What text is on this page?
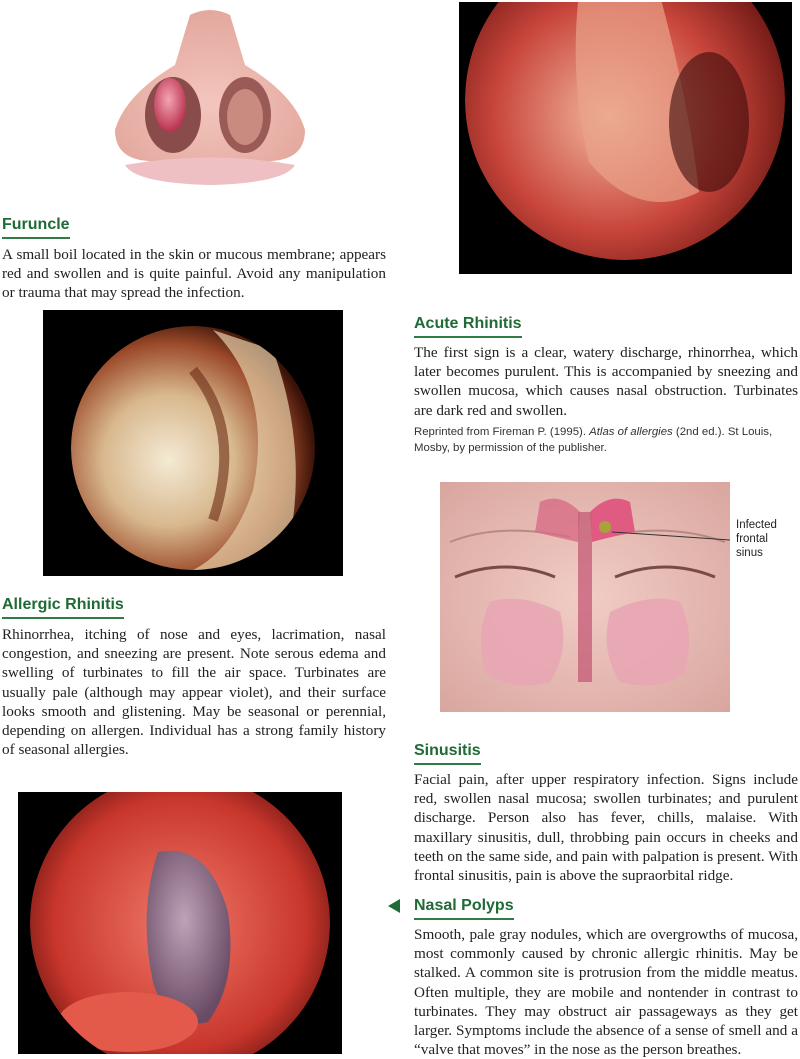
Furuncle
A small boil located in the skin or mucous membrane; appears red and swollen and is quite painful. Avoid any manipulation or trauma that may spread the infection.
Acute Rhinitis
The first sign is a clear, watery discharge, rhinorrhea, which later becomes purulent. This is accompanied by sneezing and swollen mucosa, which causes nasal obstruction. Turbinates are dark red and swollen.
Reprinted from Fireman P. (1995). Atlas of allergies (2nd ed.). St Louis, Mosby, by permission of the publisher.
Infected frontal sinus
Allergic Rhinitis
Rhinorrhea, itching of nose and eyes, lacrimation, nasal congestion, and sneezing are present. Note serous edema and swelling of turbinates to fill the air space. Turbinates are usually pale (although may appear violet), and their surface looks smooth and glistening. May be seasonal or perennial, depending on allergen. Individual has a strong family history of seasonal allergies.	Sinusitis
Facial pain, after upper respiratory infection. Signs include red, swollen nasal mucosa; swollen turbinates; and purulent discharge. Person also has fever, chills, malaise. With maxillary sinusitis, dull, throbbing pain occurs in cheeks and teeth on the same side, and pain with palpation is present. With frontal sinusitis, pain is above the supraorbital ridge.
Nasal Polyps
Smooth, pale gray nodules, which are overgrowths of mucosa, most commonly caused by chronic allergic rhinitis. May be stalked. A common site is protrusion from the middle meatus. Often multiple, they are mobile and nontender in contrast to turbinates. They may obstruct air passageways as they get larger. Symptoms include the absence of a sense of smell and a “valve that moves” in the nose as the person breathes.
